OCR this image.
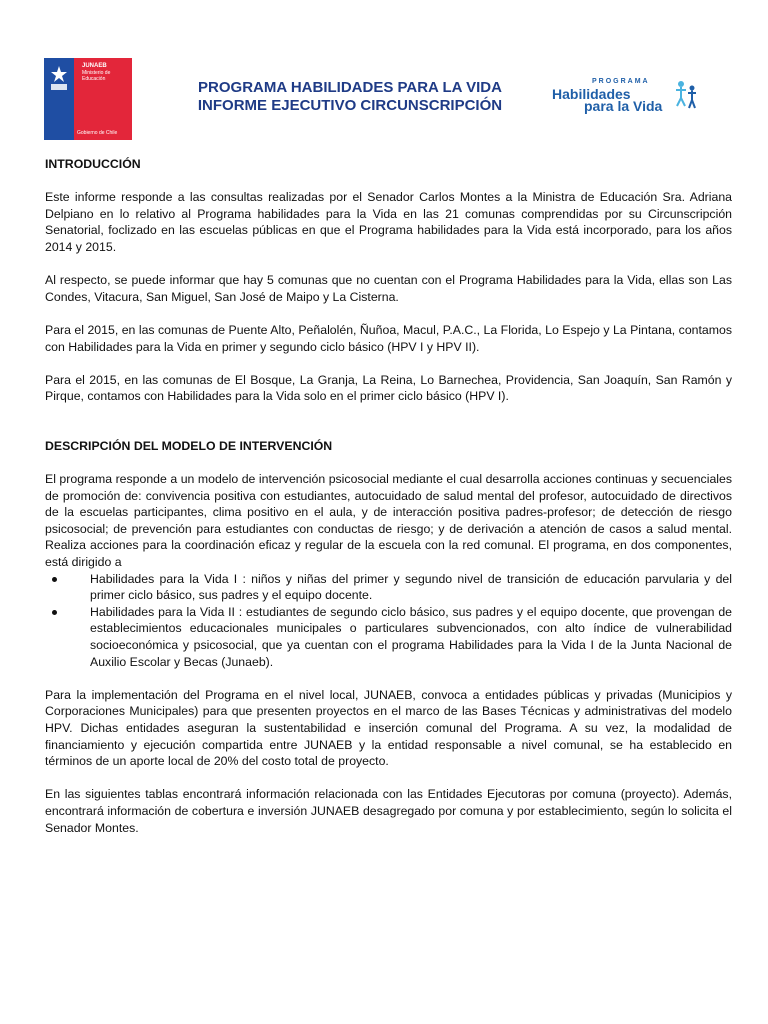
JUNAEB
Ministerio de Educación
Gobierno de Chile
PROGRAMA HABILIDADES PARA LA VIDA
INFORME EJECUTIVO CIRCUNSCRIPCIÓN
PROGRAMA
Habilidades
para la Vida

INTRODUCCIÓN

Este informe responde a las consultas realizadas por el Senador Carlos Montes a la Ministra de Educación Sra. Adriana Delpiano en lo relativo al Programa habilidades para la Vida en las 21 comunas comprendidas por su Circunscripción Senatorial, foclizado en las escuelas públicas en que el Programa habilidades para la Vida está incorporado, para los años 2014 y 2015.

Al respecto, se puede informar que hay 5 comunas que no cuentan con el Programa Habilidades para la Vida, ellas son Las Condes, Vitacura, San Miguel, San José de Maipo y La Cisterna.

Para el 2015, en las comunas de Puente Alto, Peñalolén, Ñuñoa, Macul, P.A.C., La Florida, Lo Espejo y La Pintana, contamos con Habilidades para la Vida en primer y segundo ciclo básico (HPV I y HPV II).

Para el 2015, en las comunas de El Bosque, La Granja, La Reina, Lo Barnechea, Providencia, San Joaquín, San Ramón y Pirque, contamos con Habilidades para la Vida solo en el primer ciclo básico (HPV I).

DESCRIPCIÓN DEL MODELO DE INTERVENCIÓN

El programa responde a un modelo de intervención psicosocial mediante el cual desarrolla acciones continuas y secuenciales de promoción de: convivencia positiva con estudiantes, autocuidado de salud mental del profesor, autocuidado de directivos de la escuelas participantes, clima positivo en el aula, y de interacción positiva padres-profesor; de detección de riesgo psicosocial; de prevención para estudiantes con conductas de riesgo; y de derivación a atención de casos a salud mental. Realiza acciones para la coordinación eficaz y regular de la escuela con la red comunal. El programa, en dos componentes, está dirigido a

Habilidades para la Vida I : niños y niñas del primer y segundo nivel de transición de educación parvularia y del primer ciclo básico, sus padres y el equipo docente.
Habilidades para la Vida II : estudiantes de segundo ciclo básico, sus padres y el equipo docente, que provengan de establecimientos educacionales municipales o particulares subvencionados, con alto índice de vulnerabilidad socioeconómica y psicosocial, que ya cuentan con el programa Habilidades para la Vida I de la Junta Nacional de Auxilio Escolar y Becas (Junaeb).

Para la implementación del Programa en el nivel local, JUNAEB, convoca a entidades públicas y privadas (Municipios y Corporaciones Municipales) para que presenten proyectos en el marco de las Bases Técnicas y administrativas del modelo HPV. Dichas entidades aseguran la sustentabilidad e inserción comunal del Programa. A su vez, la modalidad de financiamiento y ejecución compartida entre JUNAEB y la entidad responsable a nivel comunal, se ha establecido en términos de un aporte local de 20% del costo total de proyecto.

En las siguientes tablas encontrará información relacionada con las Entidades Ejecutoras por comuna (proyecto). Además, encontrará información de cobertura e inversión JUNAEB desagregado por comuna y por establecimiento, según lo solicita el Senador Montes.
